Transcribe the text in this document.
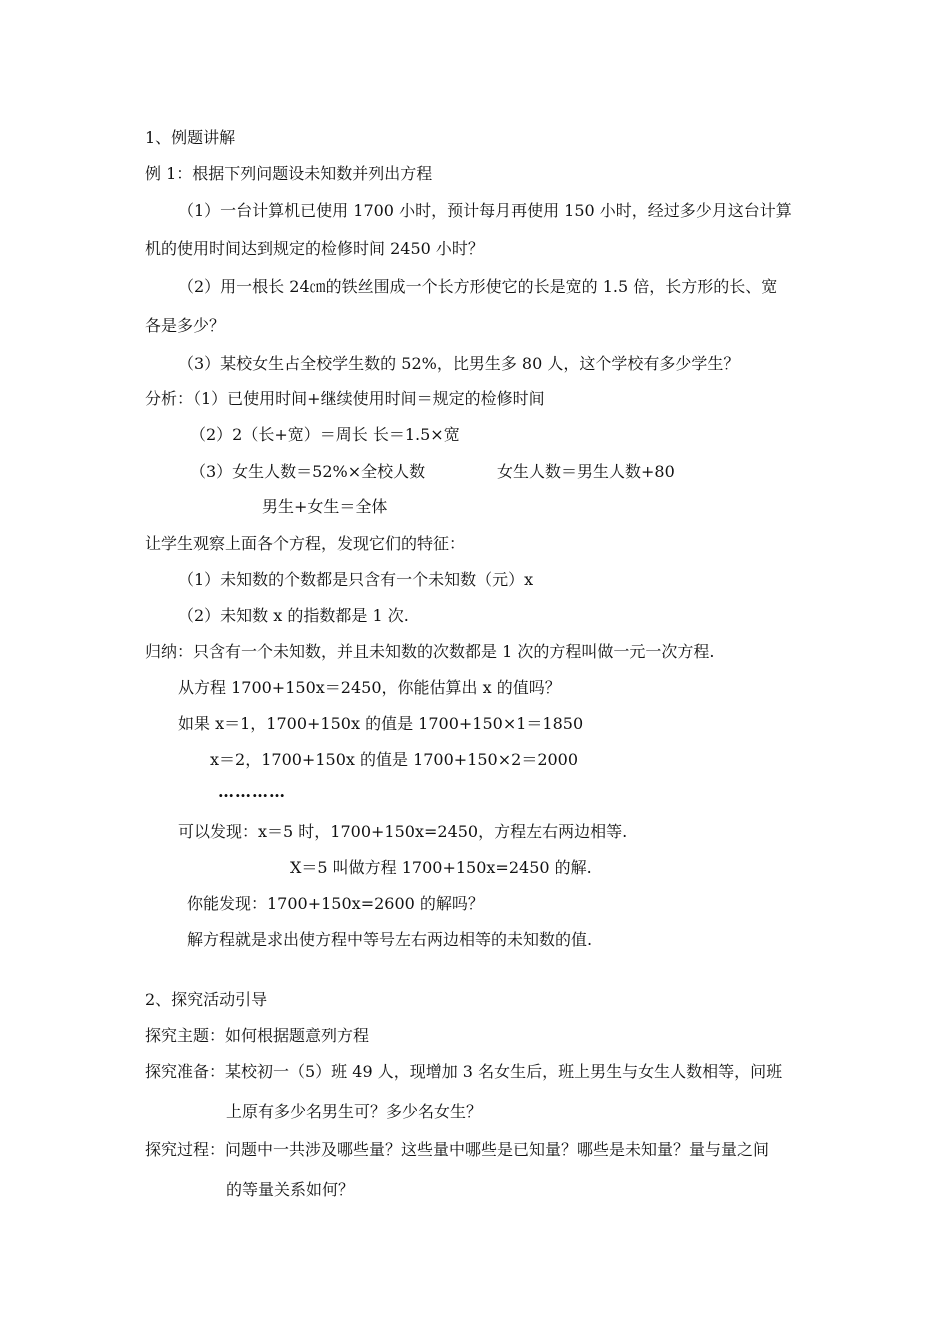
1、例题讲解
例 1：根据下列问题设未知数并列出方程
（1）一台计算机已使用 1700 小时，预计每月再使用 150 小时，经过多少月这台计算
机的使用时间达到规定的检修时间 2450 小时？
（2）用一根长 24㎝的铁丝围成一个长方形使它的长是宽的 1.5 倍，长方形的长、宽
各是多少？
（3）某校女生占全校学生数的 52%，比男生多 80 人，这个学校有多少学生？
分析：（1）已使用时间+继续使用时间＝规定的检修时间
（2）2（长+宽）＝周长 长＝1.5×宽
（3）女生人数＝52%×全校人数	女生人数＝男生人数+80
男生+女生＝全体
让学生观察上面各个方程，发现它们的特征：
（1）未知数的个数都是只含有一个未知数（元）x
（2）未知数 x 的指数都是 1 次.
归纳：只含有一个未知数，并且未知数的次数都是 1 次的方程叫做一元一次方程.
从方程 1700+150x＝2450，你能估算出 x 的值吗？
如果 x＝1，1700+150x 的值是 1700+150×1＝1850
x＝2，1700+150x 的值是 1700+150×2＝2000
…………
可以发现：x＝5 时，1700+150x=2450，方程左右两边相等.
X＝5 叫做方程 1700+150x=2450 的解.
你能发现：1700+150x=2600 的解吗？
解方程就是求出使方程中等号左右两边相等的未知数的值.
2、探究活动引导
探究主题：如何根据题意列方程
探究准备：某校初一（5）班 49 人，现增加 3 名女生后，班上男生与女生人数相等，问班
上原有多少名男生可？多少名女生？
探究过程：问题中一共涉及哪些量？这些量中哪些是已知量？哪些是未知量？量与量之间
的等量关系如何？
